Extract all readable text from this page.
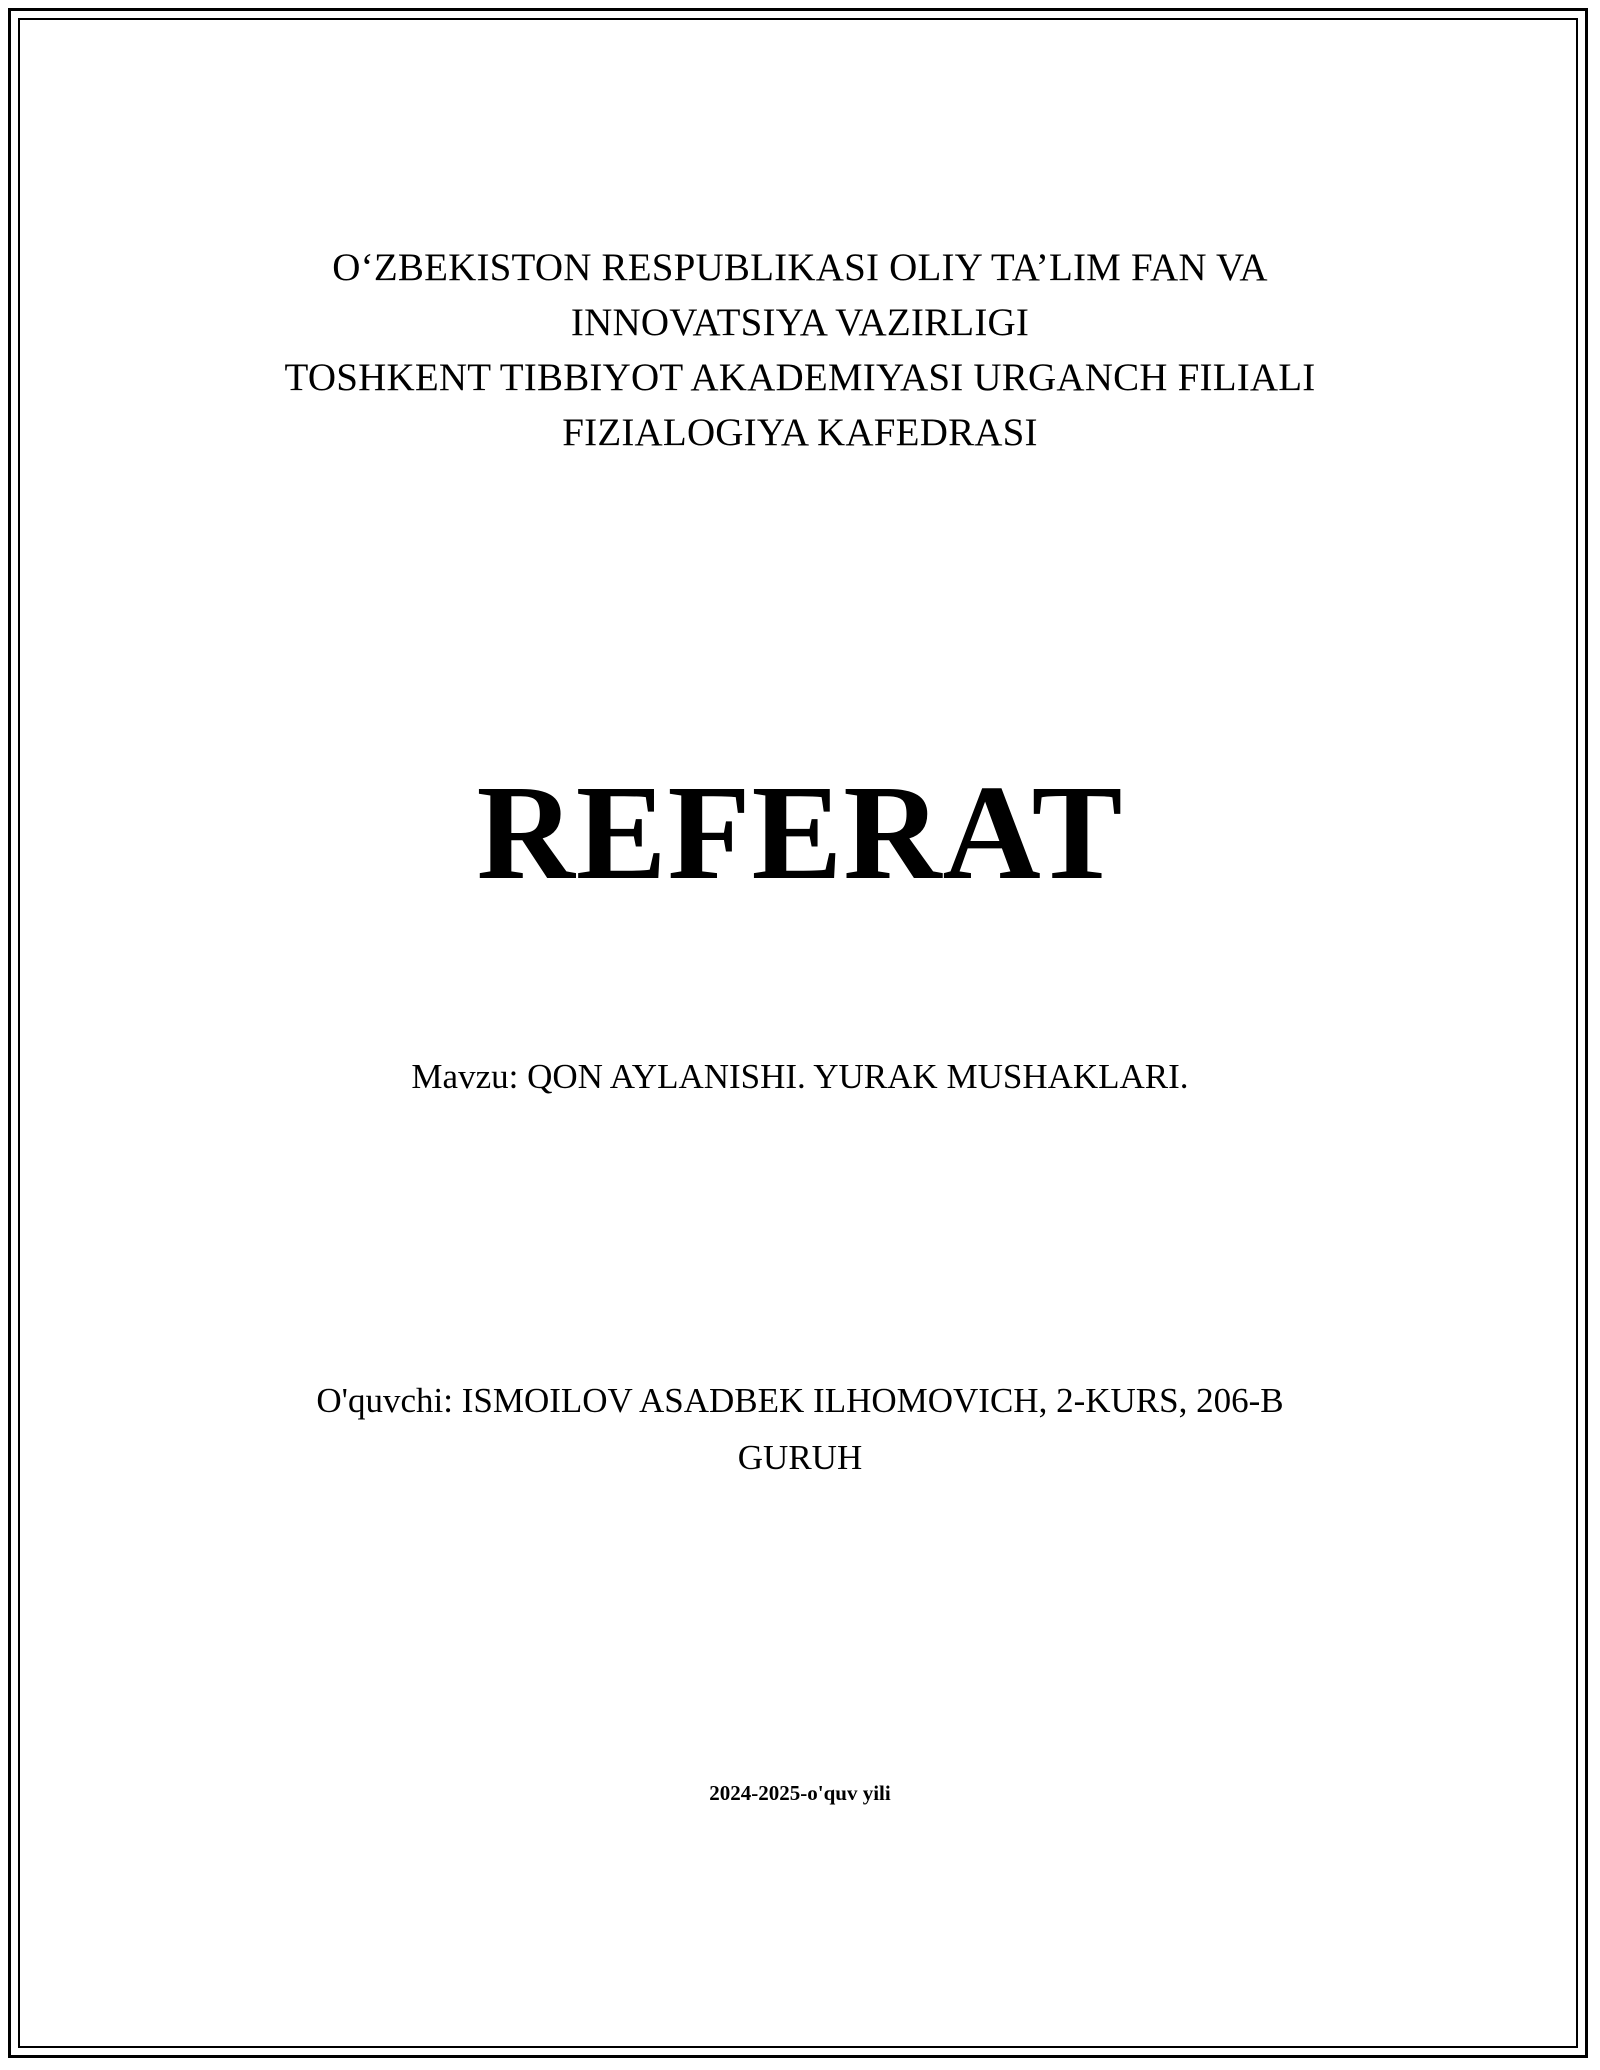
O‘ZBEKISTON RESPUBLIKASI OLIY TA’LIM FAN VA
INNOVATSIYA VAZIRLIGI
TOSHKENT TIBBIYOT AKADEMIYASI URGANCH FILIALI
FIZIALOGIYA KAFEDRASI
REFERAT
Mavzu: QON AYLANISHI. YURAK MUSHAKLARI.
O'quvchi: ISMOILOV ASADBEK ILHOMOVICH, 2-KURS, 206-B
GURUH
2024-2025-o'quv yili
